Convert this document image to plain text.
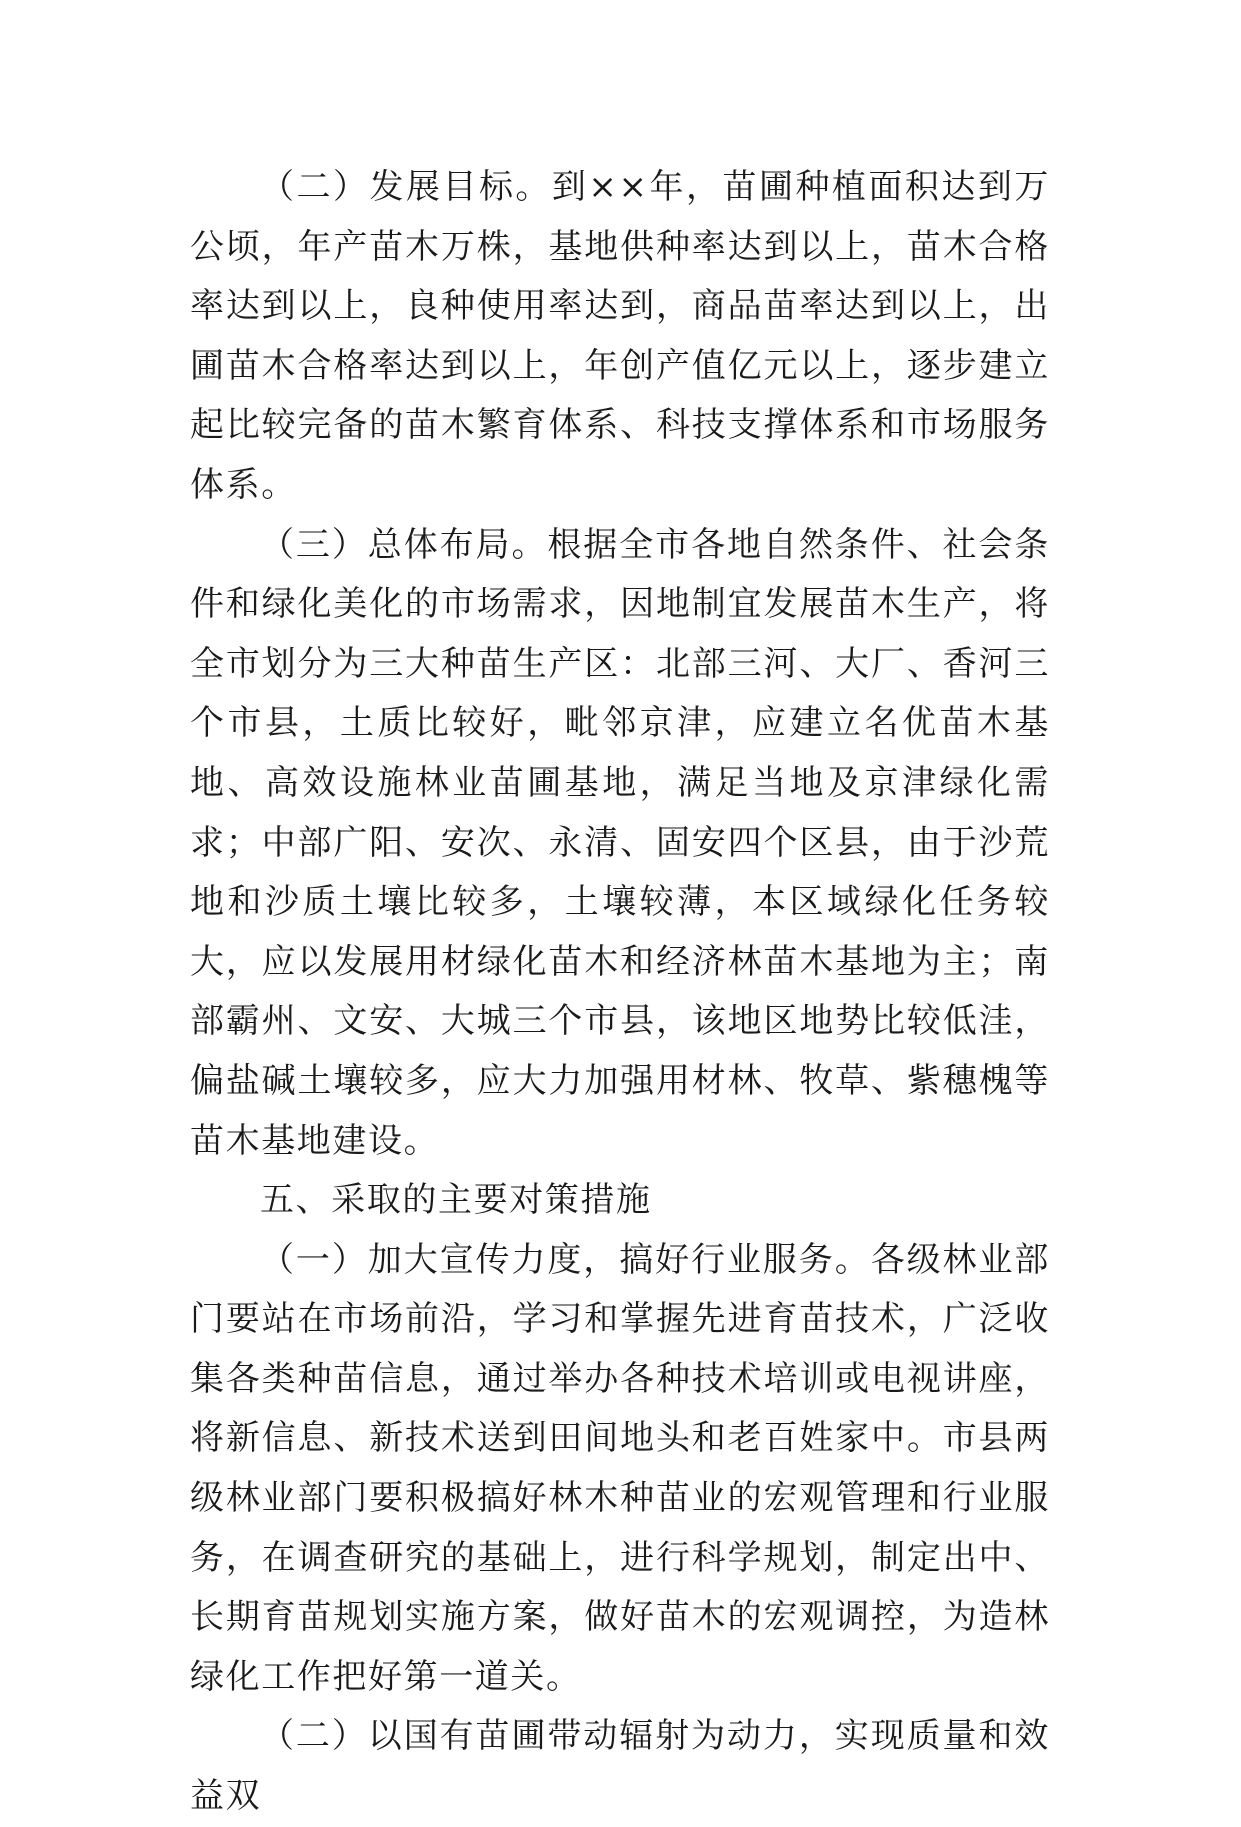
（二）发展目标。到××年，苗圃种植面积达到万公顷，年产苗木万株，基地供种率达到以上，苗木合格率达到以上，良种使用率达到，商品苗率达到以上，出圃苗木合格率达到以上，年创产值亿元以上，逐步建立起比较完备的苗木繁育体系、科技支撑体系和市场服务体系。

（三）总体布局。根据全市各地自然条件、社会条件和绿化美化的市场需求，因地制宜发展苗木生产，将全市划分为三大种苗生产区：北部三河、大厂、香河三个市县，土质比较好，毗邻京津，应建立名优苗木基地、高效设施林业苗圃基地，满足当地及京津绿化需求；中部广阳、安次、永清、固安四个区县，由于沙荒地和沙质土壤比较多，土壤较薄，本区域绿化任务较大，应以发展用材绿化苗木和经济林苗木基地为主；南部霸州、文安、大城三个市县，该地区地势比较低洼，偏盐碱土壤较多，应大力加强用材林、牧草、紫穗槐等苗木基地建设。

五、采取的主要对策措施

（一）加大宣传力度，搞好行业服务。各级林业部门要站在市场前沿，学习和掌握先进育苗技术，广泛收集各类种苗信息，通过举办各种技术培训或电视讲座，将新信息、新技术送到田间地头和老百姓家中。市县两级林业部门要积极搞好林木种苗业的宏观管理和行业服务，在调查研究的基础上，进行科学规划，制定出中、长期育苗规划实施方案，做好苗木的宏观调控，为造林绿化工作把好第一道关。

（二）以国有苗圃带动辐射为动力，实现质量和效益双
